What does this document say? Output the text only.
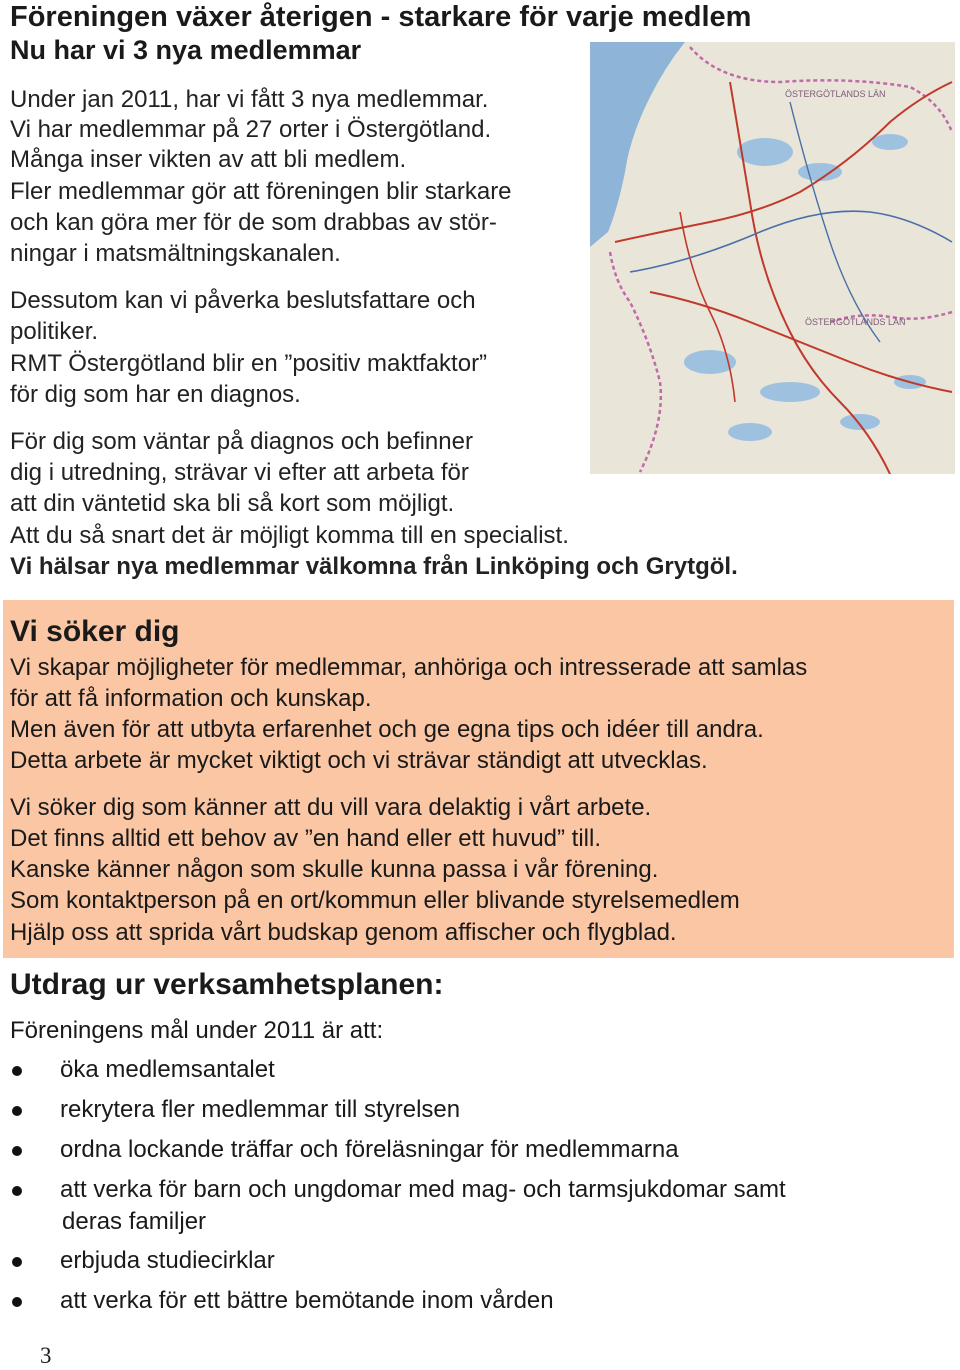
Föreningen växer återigen - starkare för varje medlem
Nu har vi 3 nya medlemmar
Under jan 2011, har vi fått 3 nya medlemmar.
Vi har medlemmar på 27 orter i Östergötland.
Många inser vikten av att bli medlem.
Fler medlemmar gör att föreningen blir starkare
och kan göra mer för de som drabbas av stör-
ningar i matsmältningskanalen.
Dessutom kan vi påverka beslutsfattare och
politiker.
RMT Östergötland blir en ”positiv maktfaktor”
för dig som har en diagnos.
För dig som väntar på diagnos och befinner
dig i utredning, strävar vi efter att arbeta för
att din väntetid ska bli så kort som möjligt.
Att du så snart det är möjligt komma till en specialist.
Vi hälsar nya medlemmar välkomna från Linköping och Grytgöl.
ÖSTERGÖTLANDS LÄN
ÖSTERGÖTLANDS LÄN
Vi söker dig
Vi skapar möjligheter för medlemmar, anhöriga och intresserade att samlas
för att få information och kunskap.
Men även för att utbyta erfarenhet och ge egna tips och idéer till andra.
Detta arbete är mycket viktigt och vi strävar ständigt att utvecklas.
Vi söker dig som känner att du vill vara delaktig i vårt arbete.
Det finns alltid ett behov av ”en hand eller ett huvud” till.
Kanske känner någon som skulle kunna passa i vår förening.
Som kontaktperson på en ort/kommun eller blivande styrelsemedlem
Hjälp oss att sprida vårt budskap genom affischer och flygblad.
Utdrag ur verksamhetsplanen:
Föreningens mål under 2011 är att:
öka medlemsantalet
rekrytera fler medlemmar till styrelsen
ordna lockande träffar och föreläsningar för medlemmarna
att verka för barn och ungdomar med mag- och tarmsjukdomar samt
deras familjer
erbjuda studiecirklar
att verka för ett bättre bemötande inom vården
3
